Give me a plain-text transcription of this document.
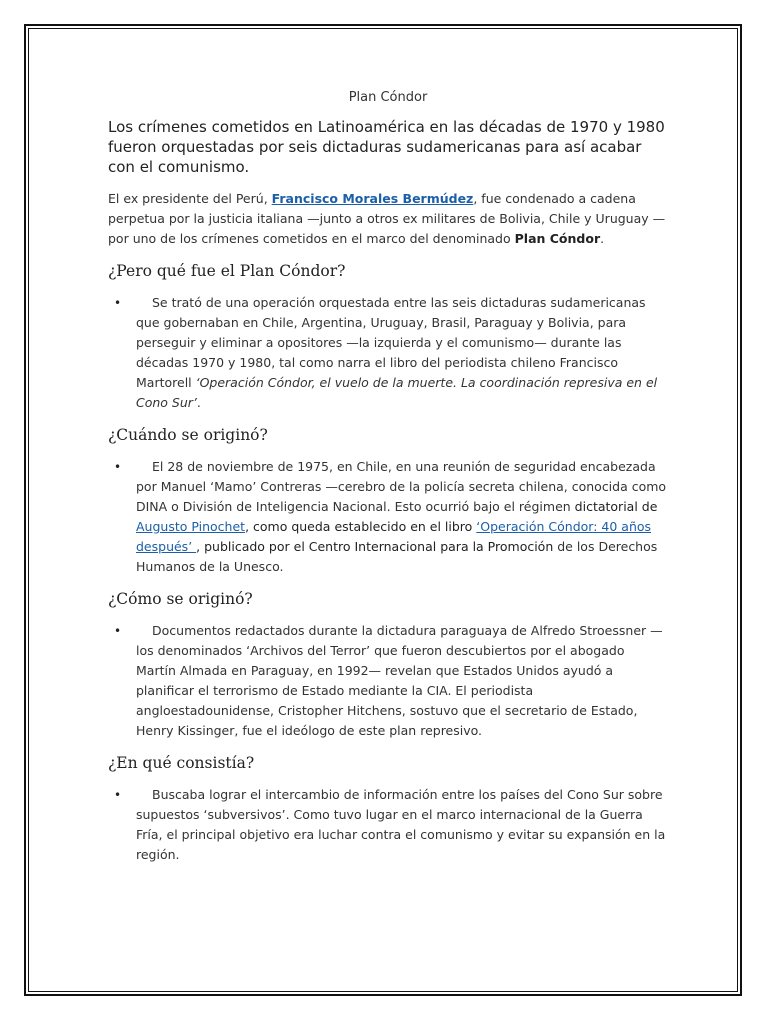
Plan Cóndor

Los crímenes cometidos en Latinoamérica en las décadas de 1970 y 1980 fueron orquestadas por seis dictaduras sudamericanas para así acabar con el comunismo.

El ex presidente del Perú, Francisco Morales Bermúdez, fue condenado a cadena perpetua por la justicia italiana —junto a otros ex militares de Bolivia, Chile y Uruguay — por uno de los crímenes cometidos en el marco del denominado Plan Cóndor.

¿Pero qué fue el Plan Cóndor?
•	Se trató de una operación orquestada entre las seis dictaduras sudamericanas que gobernaban en Chile, Argentina, Uruguay, Brasil, Paraguay y Bolivia, para perseguir y eliminar a opositores —la izquierda y el comunismo— durante las décadas 1970 y 1980, tal como narra el libro del periodista chileno Francisco Martorell ‘Operación Cóndor, el vuelo de la muerte. La coordinación represiva en el Cono Sur’.
¿Cuándo se originó?
•	El 28 de noviembre de 1975, en Chile, en una reunión de seguridad encabezada por Manuel ‘Mamo’ Contreras —cerebro de la policía secreta chilena, conocida como DINA o División de Inteligencia Nacional. Esto ocurrió bajo el régimen dictatorial de Augusto Pinochet, como queda establecido en el libro ‘Operación Cóndor: 40 años después’ , publicado por el Centro Internacional para la Promoción de los Derechos Humanos de la Unesco.
¿Cómo se originó?
•	Documentos redactados durante la dictadura paraguaya de Alfredo Stroessner —los denominados ‘Archivos del Terror’ que fueron descubiertos por el abogado Martín Almada en Paraguay, en 1992— revelan que Estados Unidos ayudó a planificar el terrorismo de Estado mediante la CIA. El periodista angloestadounidense, Cristopher Hitchens, sostuvo que el secretario de Estado, Henry Kissinger, fue el ideólogo de este plan represivo.
¿En qué consistía?
•	Buscaba lograr el intercambio de información entre los países del Cono Sur sobre supuestos ‘subversivos’. Como tuvo lugar en el marco internacional de la Guerra Fría, el principal objetivo era luchar contra el comunismo y evitar su expansión en la región.
